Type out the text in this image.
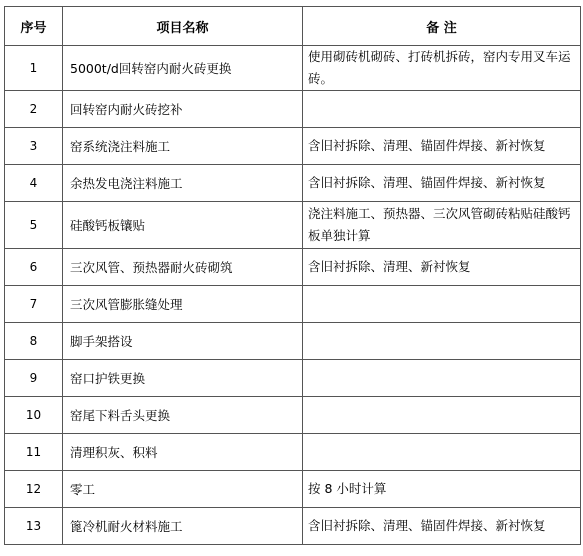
序号	项目名称	备 注
1	5000t/d回转窑内耐火砖更换	使用砌砖机砌砖、打砖机拆砖，窑内专用叉车运砖。
2	回转窑内耐火砖挖补	
3	窑系统浇注料施工	含旧衬拆除、清理、锚固件焊接、新衬恢复
4	余热发电浇注料施工	含旧衬拆除、清理、锚固件焊接、新衬恢复
5	硅酸钙板镶贴	浇注料施工、预热器、三次风管砌砖粘贴硅酸钙板单独计算
6	三次风管、预热器耐火砖砌筑	含旧衬拆除、清理、新衬恢复
7	三次风管膨胀缝处理	
8	脚手架搭设	
9	窑口护铁更换	
10	窑尾下料舌头更换	
11	清理积灰、积料	
12	零工	按 8 小时计算
13	篦冷机耐火材料施工	含旧衬拆除、清理、锚固件焊接、新衬恢复
